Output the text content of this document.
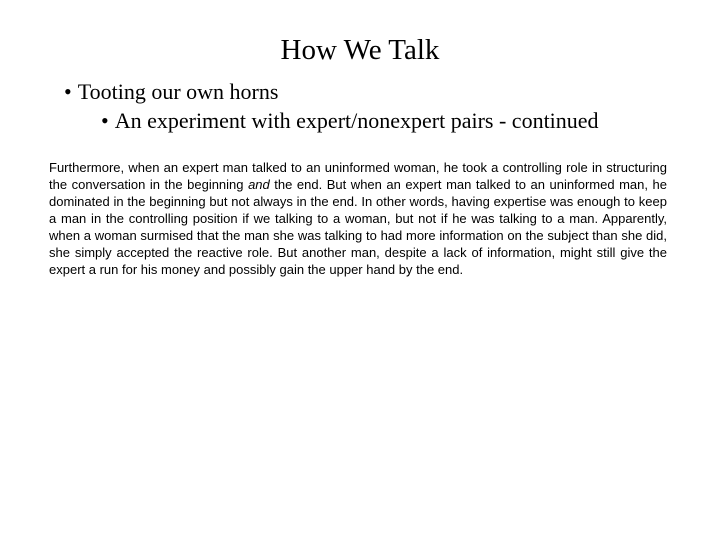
How We Talk
• Tooting our own horns
• An experiment with expert/nonexpert pairs - continued
Furthermore, when an expert man talked to an uninformed woman, he took a controlling role in structuring the conversation in the beginning and the end. But when an expert man talked to an uninformed man, he dominated in the beginning but not always in the end. In other words, having expertise was enough to keep a man in the controlling position if we talking to a woman, but not if he was talking to a man. Apparently, when a woman surmised that the man she was talking to had more information on the subject than she did, she simply accepted the reactive role. But another man, despite a lack of information, might still give the expert a run for his money and possibly gain the upper hand by the end.
